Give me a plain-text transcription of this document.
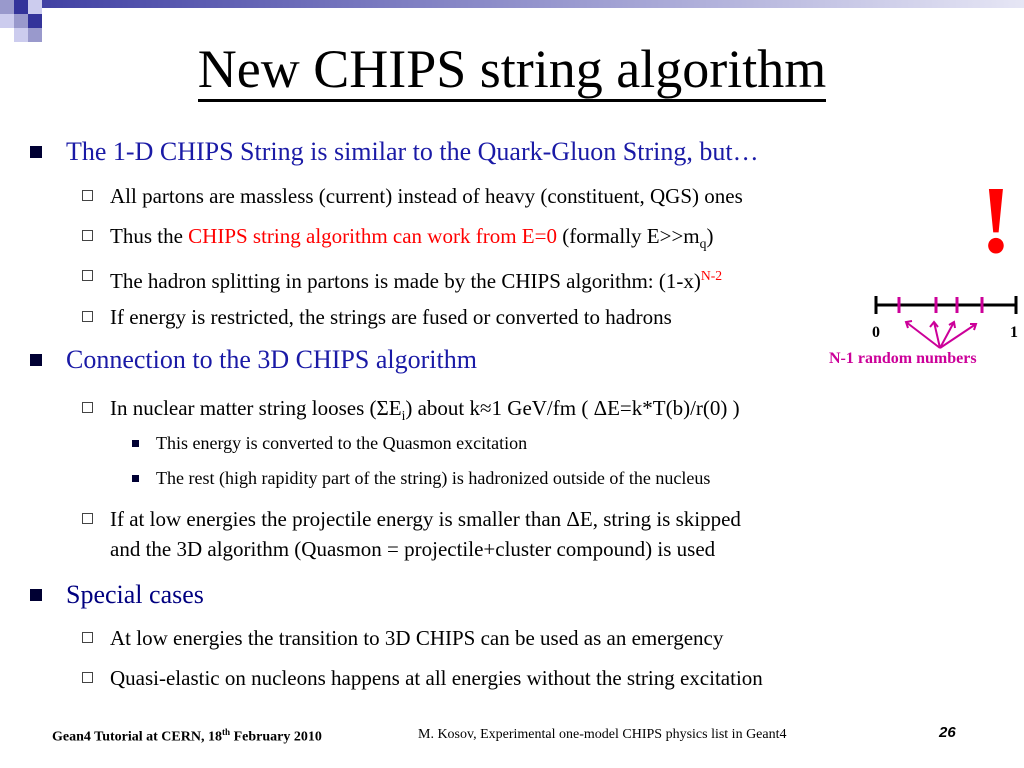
New CHIPS string algorithm
The 1-D CHIPS String is similar to the Quark-Gluon String, but…
All partons are massless (current) instead of heavy (constituent, QGS) ones
Thus the CHIPS string algorithm can work from E=0 (formally $E>>m_q$)
The hadron splitting in partons is made by the CHIPS algorithm: $(1-x)^{N-2}$
If energy is restricted, the strings are fused or converted to hadrons
Connection to the 3D CHIPS algorithm
In nuclear matter string looses $(\Sigma E_i)$ about k≈1 GeV/fm ( ΔE=k*T(b)/r(0) )
This energy is converted to the Quasmon excitation
The rest (high rapidity part of the string) is hadronized outside of the nucleus
If at low energies the projectile energy is smaller than ΔE, string is skipped
and the 3D algorithm (Quasmon = projectile+cluster compound) is used
Special cases
At low energies the transition to 3D CHIPS can be used as an emergency
Quasi-elastic on nucleons happens at all energies without the string excitation
!
0	1
N-1 random numbers
Gean4 Tutorial at CERN, 18th February 2010	M. Kosov, Experimental one-model CHIPS physics list in Geant4	26
